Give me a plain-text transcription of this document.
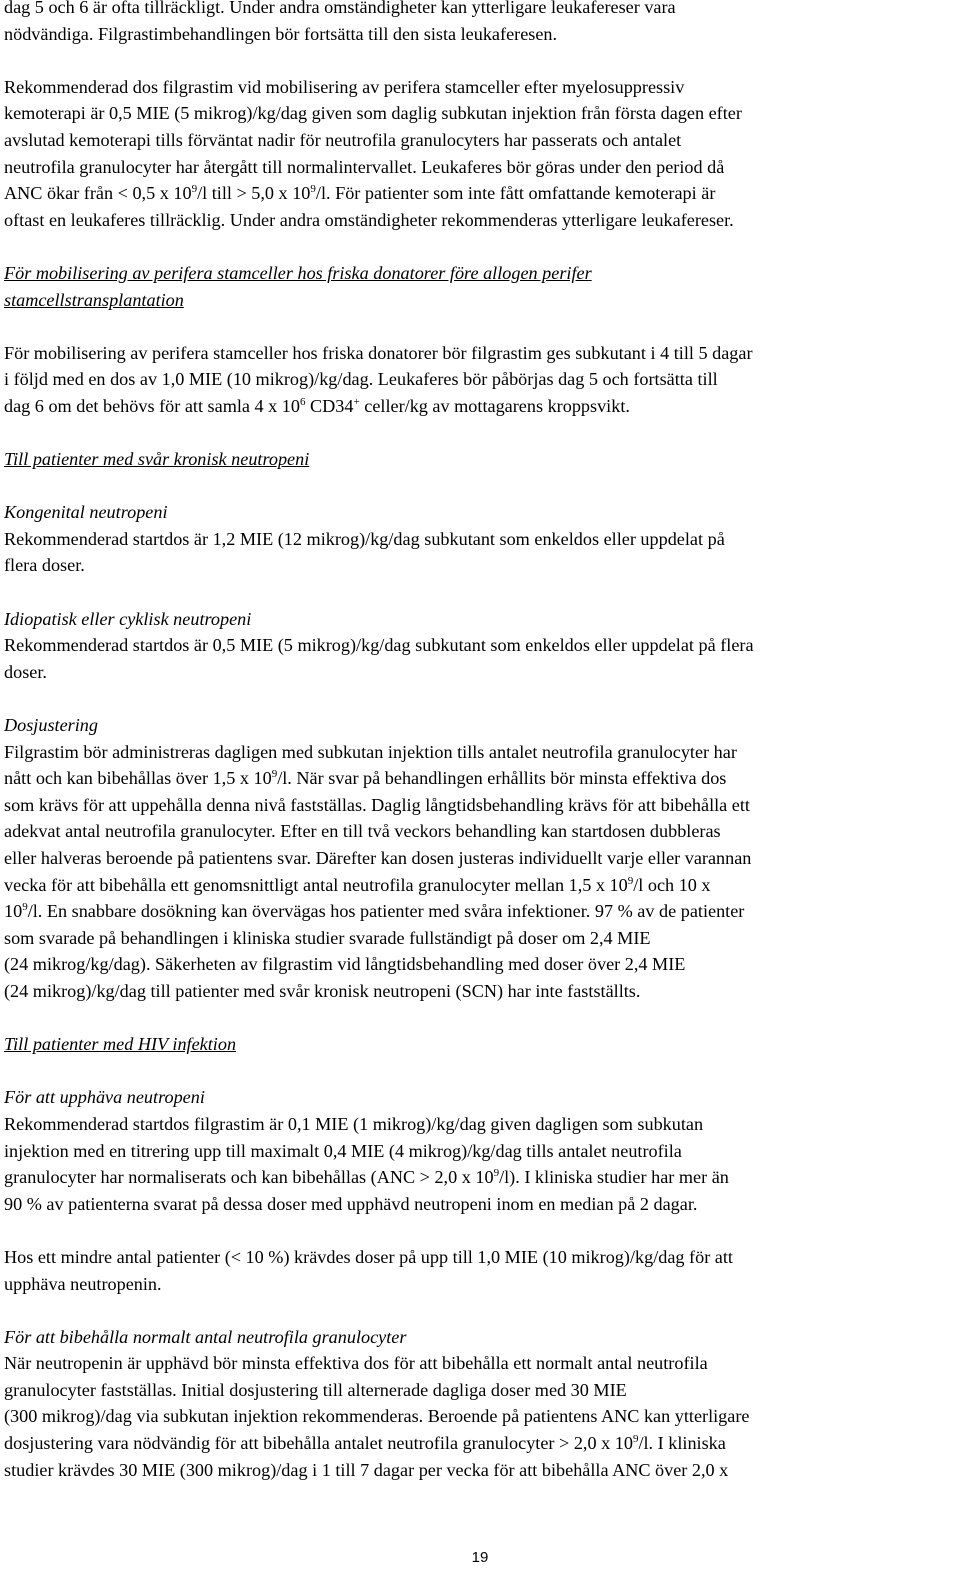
dag 5 och 6 är ofta tillräckligt. Under andra omständigheter kan ytterligare leukafereser vara
nödvändiga. Filgrastimbehandlingen bör fortsätta till den sista leukaferesen.

Rekommenderad dos filgrastim vid mobilisering av perifera stamceller efter myelosuppressiv
kemoterapi är 0,5 MIE (5 mikrog)/kg/dag given som daglig subkutan injektion från första dagen efter
avslutad kemoterapi tills förväntat nadir för neutrofila granulocyters har passerats och antalet
neutrofila granulocyter har återgått till normalintervallet. Leukaferes bör göras under den period då
ANC ökar från < 0,5 x $10^9/l$ till > 5,0 x $10^9/l$. För patienter som inte fått omfattande kemoterapi är
oftast en leukaferes tillräcklig. Under andra omständigheter rekommenderas ytterligare leukafereser.

För mobilisering av perifera stamceller hos friska donatorer före allogen perifer
stamcellstransplantation

För mobilisering av perifera stamceller hos friska donatorer bör filgrastim ges subkutant i 4 till 5 dagar
i följd med en dos av 1,0 MIE (10 mikrog)/kg/dag. Leukaferes bör påbörjas dag 5 och fortsätta till
dag 6 om det behövs för att samla 4 x $10^6$ CD34+ celler/kg av mottagarens kroppsvikt.

Till patienter med svår kronisk neutropeni

Kongenital neutropeni

Rekommenderad startdos är 1,2 MIE (12 mikrog)/kg/dag subkutant som enkeldos eller uppdelat på
flera doser.

Idiopatisk eller cyklisk neutropeni

Rekommenderad startdos är 0,5 MIE (5 mikrog)/kg/dag subkutant som enkeldos eller uppdelat på flera
doser.

Dosjustering

Filgrastim bör administreras dagligen med subkutan injektion tills antalet neutrofila granulocyter har
nått och kan bibehållas över 1,5 x $10^9/l$. När svar på behandlingen erhållits bör minsta effektiva dos
som krävs för att uppehålla denna nivå fastställas. Daglig långtidsbehandling krävs för att bibehålla ett
adekvat antal neutrofila granulocyter. Efter en till två veckors behandling kan startdosen dubbleras
eller halveras beroende på patientens svar. Därefter kan dosen justeras individuellt varje eller varannan
vecka för att bibehålla ett genomsnittligt antal neutrofila granulocyter mellan 1,5 x $10^9/l$ och 10 x
$10^9/l$. En snabbare dosökning kan övervägas hos patienter med svåra infektioner. 97 % av de patienter
som svarade på behandlingen i kliniska studier svarade fullständigt på doser om 2,4 MIE
(24 mikrog/kg/dag). Säkerheten av filgrastim vid långtidsbehandling med doser över 2,4 MIE
(24 mikrog)/kg/dag till patienter med svår kronisk neutropeni (SCN) har inte fastställts.

Till patienter med HIV infektion

För att upphäva neutropeni

Rekommenderad startdos filgrastim är 0,1 MIE (1 mikrog)/kg/dag given dagligen som subkutan
injektion med en titrering upp till maximalt 0,4 MIE (4 mikrog)/kg/dag tills antalet neutrofila
granulocyter har normaliserats och kan bibehållas (ANC > 2,0 x $10^9/l$). I kliniska studier har mer än
90 % av patienterna svarat på dessa doser med upphävd neutropeni inom en median på 2 dagar.

Hos ett mindre antal patienter (< 10 %) krävdes doser på upp till 1,0 MIE (10 mikrog)/kg/dag för att
upphäva neutropenin.

För att bibehålla normalt antal neutrofila granulocyter

När neutropenin är upphävd bör minsta effektiva dos för att bibehålla ett normalt antal neutrofila
granulocyter fastställas. Initial dosjustering till alternerade dagliga doser med 30 MIE
(300 mikrog)/dag via subkutan injektion rekommenderas. Beroende på patientens ANC kan ytterligare
dosjustering vara nödvändig för att bibehålla antalet neutrofila granulocyter > 2,0 x $10^9/l$. I kliniska
studier krävdes 30 MIE (300 mikrog)/dag i 1 till 7 dagar per vecka för att bibehålla ANC över 2,0 x

19
